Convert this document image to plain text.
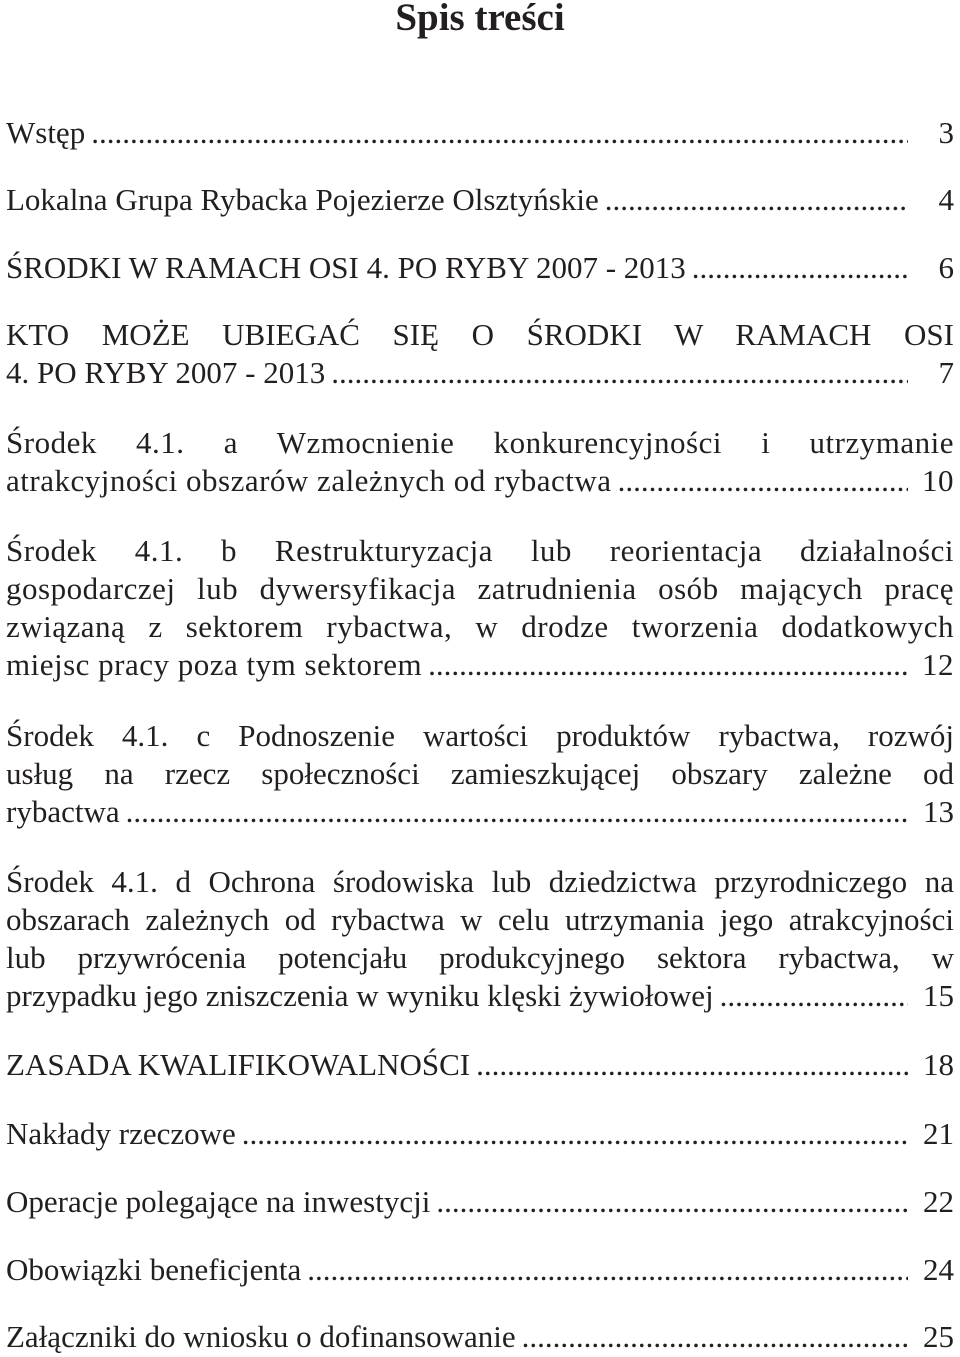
Spis treści
Wstęp .....	3
Lokalna Grupa Rybacka Pojezierze Olsztyńskie .....	4
ŚRODKI W RAMACH OSI 4. PO RYBY 2007 - 2013 .....	6
KTO MOŻE UBIEGAĆ SIĘ O ŚRODKI W RAMACH OSI
4. PO RYBY 2007 - 2013 .....	7
Środek 4.1. a Wzmocnienie konkurencyjności i utrzymanie
atrakcyjności obszarów zależnych od rybactwa .....	10
Środek 4.1. b Restrukturyzacja lub reorientacja działalności
gospodarczej lub dywersyfikacja zatrudnienia osób mających pracę
związaną z sektorem rybactwa, w drodze tworzenia dodatkowych
miejsc pracy poza tym sektorem .....	12
Środek 4.1. c Podnoszenie wartości produktów rybactwa, rozwój
usług na rzecz społeczności zamieszkującej obszary zależne od
rybactwa .....	13
Środek 4.1. d Ochrona środowiska lub dziedzictwa przyrodniczego na
obszarach zależnych od rybactwa w celu utrzymania jego atrakcyjności
lub przywrócenia potencjału produkcyjnego sektora rybactwa, w
przypadku jego zniszczenia w wyniku klęski żywiołowej .....	15
ZASADA KWALIFIKOWALNOŚCI .....	18
Nakłady rzeczowe .....	21
Operacje polegające na inwestycji .....	22
Obowiązki beneficjenta .....	24
Załączniki do wniosku o dofinansowanie .....	25
